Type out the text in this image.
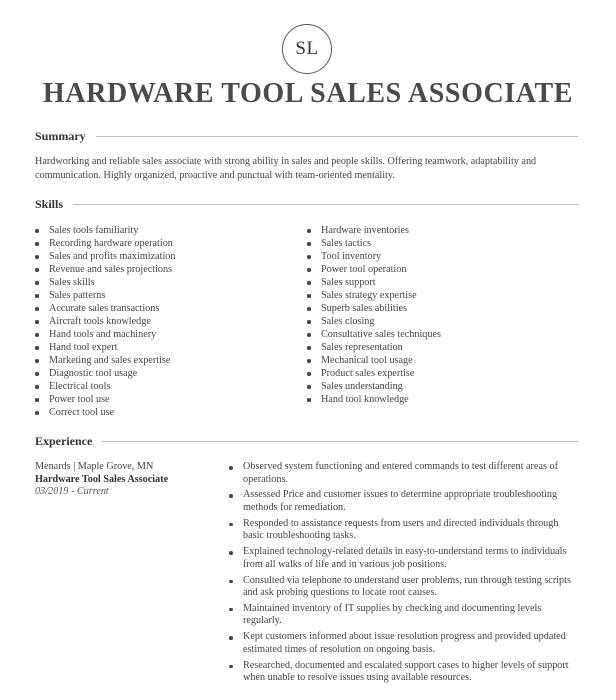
SL
HARDWARE TOOL SALES ASSOCIATE
Summary

Hardworking and reliable sales associate with strong ability in sales and people skills. Offering teamwork, adaptability and communication. Highly organized, proactive and punctual with team-oriented mentality.

Skills
Sales tools familiarity
Recording hardware operation
Sales and profits maximization
Revenue and sales projections
Sales skills
Sales patterns
Accurate sales transactions
Aircraft tools knowledge
Hand tools and machinery
Hand tool expert
Marketing and sales expertise
Diagnostic tool usage
Electrical tools
Power tool use
Correct tool use
Hardware inventories
Sales tactics
Tool inventory
Power tool operation
Sales support
Sales strategy expertise
Superb sales abilities
Sales closing
Consultative sales techniques
Sales representation
Mechanical tool usage
Product sales expertise
Sales understanding
Hand tool knowledge
Experience
Menards | Maple Grove, MN
Hardware Tool Sales Associate
03/2019 - Current
Observed system functioning and entered commands to test different areas of operations.
Assessed Price and customer issues to determine appropriate troubleshooting methods for remediation.
Responded to assistance requests from users and directed individuals through basic troubleshooting tasks.
Explained technology-related details in easy-to-understand terms to individuals from all walks of life and in various job positions.
Consulted via telephone to understand user problems, run through testing scripts and ask probing questions to locate root causes.
Maintained inventory of IT supplies by checking and documenting levels regularly.
Kept customers informed about issue resolution progress and provided updated estimated times of resolution on ongoing basis.
Researched, documented and escalated support cases to higher levels of support when unable to resolve issues using available resources.
